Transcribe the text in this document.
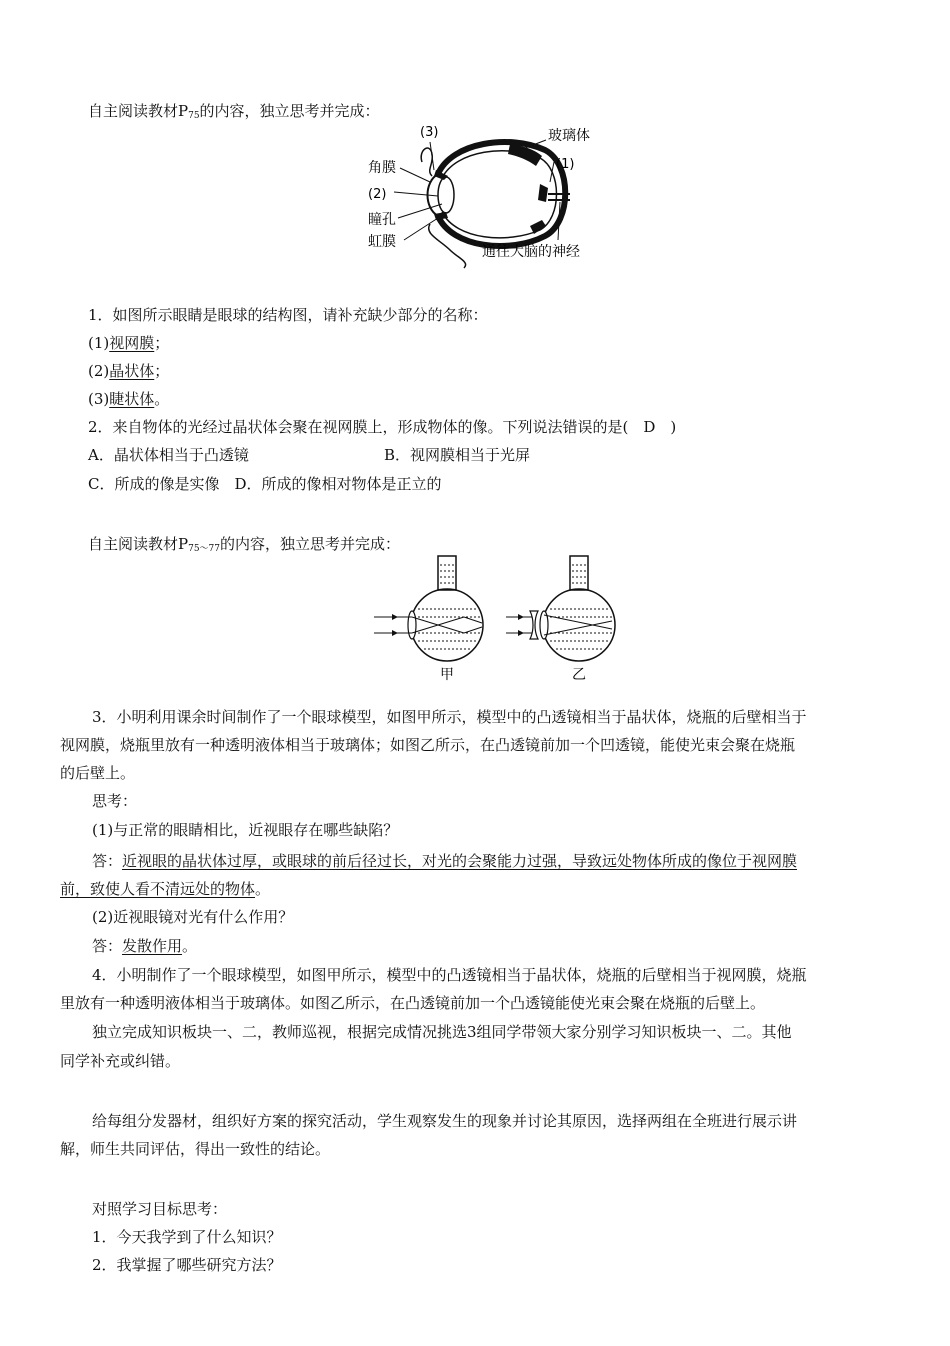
自主阅读教材$P_{75}$的内容，独立思考并完成：
(3)
角膜
(2)
瞳孔
虹膜
玻璃体
(1)
通往大脑的神经
1．如图所示眼睛是眼球的结构图，请补充缺少部分的名称：
(1)视网膜；
(2)晶状体；
(3)睫状体。
2．来自物体的光经过晶状体会聚在视网膜上，形成物体的像。下列说法错误的是(　D　)
A．晶状体相当于凸透镜	B．视网膜相当于光屏
C．所成的像是实像　D．所成的像相对物体是正立的
自主阅读教材$P_{75\sim 77}$的内容，独立思考并完成：
甲	乙
3．小明利用课余时间制作了一个眼球模型，如图甲所示，模型中的凸透镜相当于晶状体，烧瓶的后壁相当于
视网膜，烧瓶里放有一种透明液体相当于玻璃体；如图乙所示，在凸透镜前加一个凹透镜，能使光束会聚在烧瓶
的后壁上。
思考：
(1)与正常的眼睛相比，近视眼存在哪些缺陷？
答：近视眼的晶状体过厚，或眼球的前后径过长，对光的会聚能力过强，导致远处物体所成的像位于视网膜
前，致使人看不清远处的物体。
(2)近视眼镜对光有什么作用？
答：发散作用。
4．小明制作了一个眼球模型，如图甲所示，模型中的凸透镜相当于晶状体，烧瓶的后壁相当于视网膜，烧瓶
里放有一种透明液体相当于玻璃体。如图乙所示，在凸透镜前加一个凸透镜能使光束会聚在烧瓶的后壁上。
独立完成知识板块一、二，教师巡视，根据完成情况挑选3组同学带领大家分别学习知识板块一、二。其他
同学补充或纠错。
给每组分发器材，组织好方案的探究活动，学生观察发生的现象并讨论其原因，选择两组在全班进行展示讲
解，师生共同评估，得出一致性的结论。
对照学习目标思考：
1．今天我学到了什么知识？
2．我掌握了哪些研究方法？
